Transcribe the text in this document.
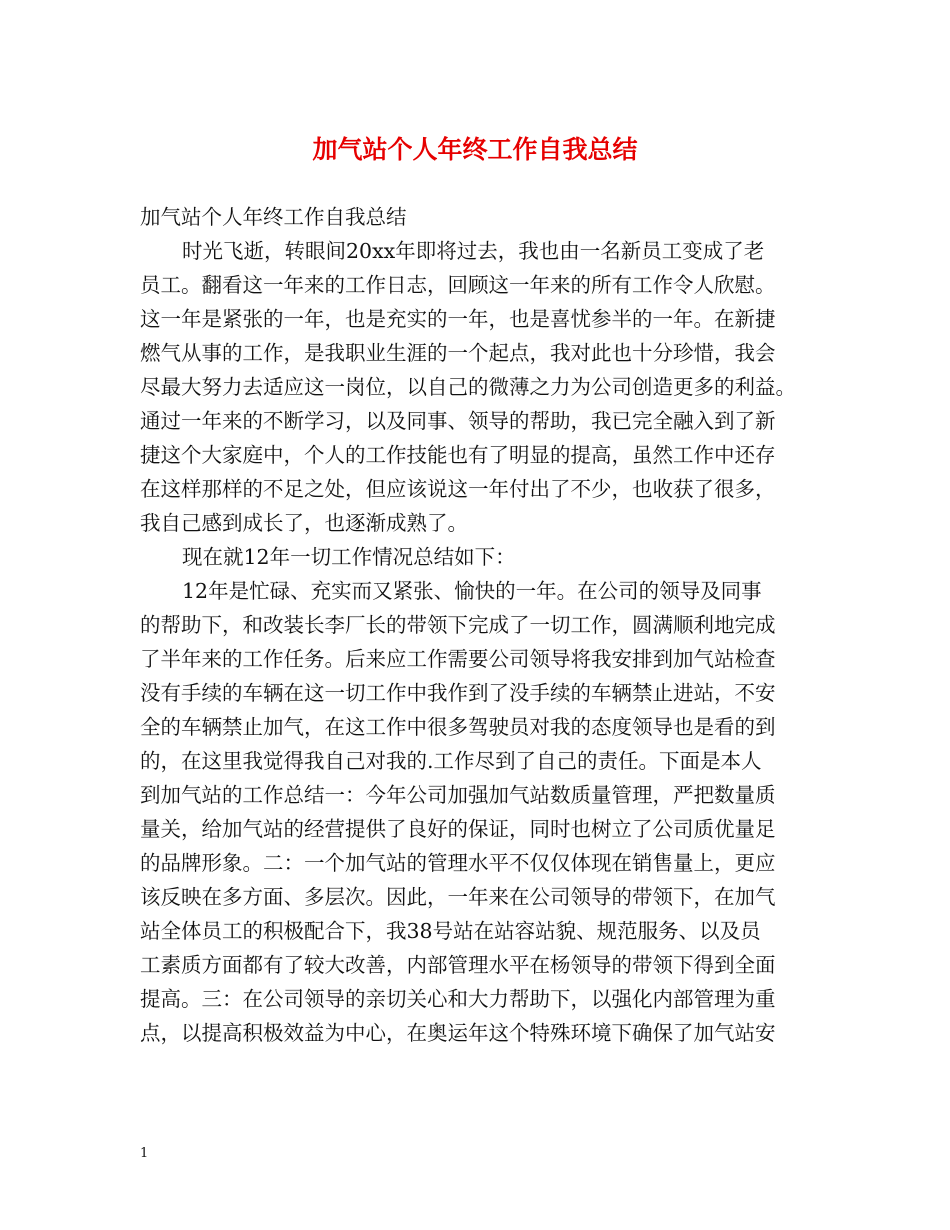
加气站个人年终工作自我总结
加气站个人年终工作自我总结
时光飞逝，转眼间20xx年即将过去，我也由一名新员工变成了老
员工。翻看这一年来的工作日志，回顾这一年来的所有工作令人欣慰。
这一年是紧张的一年，也是充实的一年，也是喜忧参半的一年。在新捷
燃气从事的工作，是我职业生涯的一个起点，我对此也十分珍惜，我会
尽最大努力去适应这一岗位，以自己的微薄之力为公司创造更多的利益。
通过一年来的不断学习，以及同事、领导的帮助，我已完全融入到了新
捷这个大家庭中，个人的工作技能也有了明显的提高，虽然工作中还存
在这样那样的不足之处，但应该说这一年付出了不少，也收获了很多，
我自己感到成长了，也逐渐成熟了。
现在就12年一切工作情况总结如下：
12年是忙碌、充实而又紧张、愉快的一年。在公司的领导及同事
的帮助下，和改装长李厂长的带领下完成了一切工作，圆满顺利地完成
了半年来的工作任务。后来应工作需要公司领导将我安排到加气站检查
没有手续的车辆在这一切工作中我作到了没手续的车辆禁止进站，不安
全的车辆禁止加气，在这工作中很多驾驶员对我的态度领导也是看的到
的，在这里我觉得我自己对我的.工作尽到了自己的责任。下面是本人
到加气站的工作总结一：今年公司加强加气站数质量管理，严把数量质
量关，给加气站的经营提供了良好的保证，同时也树立了公司质优量足
的品牌形象。二：一个加气站的管理水平不仅仅体现在销售量上，更应
该反映在多方面、多层次。因此，一年来在公司领导的带领下，在加气
站全体员工的积极配合下，我38号站在站容站貌、规范服务、以及员
工素质方面都有了较大改善，内部管理水平在杨领导的带领下得到全面
提高。三：在公司领导的亲切关心和大力帮助下，以强化内部管理为重
点，以提高积极效益为中心，在奥运年这个特殊环境下确保了加气站安
1
